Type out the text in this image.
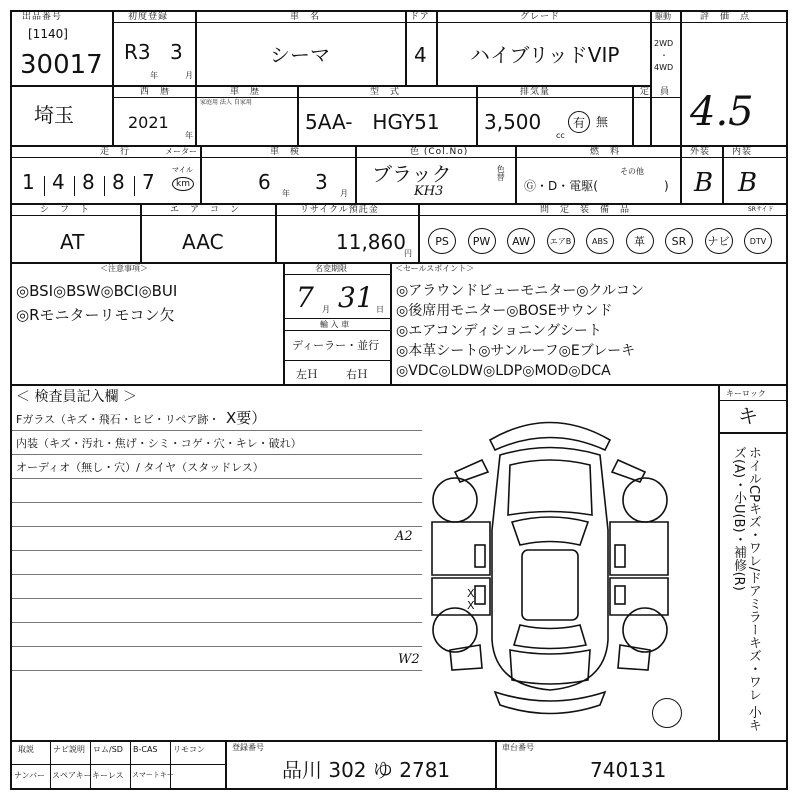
出品番号
[1140]
30017
初度登録
R3 3
年	月
車　名
シーマ
ドア
4
グレード
ハイブリッドVIP
駆動
2WD
・
4WD
評　価　点
4.5
埼玉
西　暦
2021
年
車　歴
家庭用 法人 自家用
型　式
5AA-　HGY51
排気量
3,500
cc
有 無
定　員
走　行	メーター
1 4 8 8 7 マイル
km
車　検
6 年 3 月
色 (Col.No)
ブラック
KH3
色替
燃　料
Ⓖ・D・電駆(
その他
)
外装
B
内装
B
シ　フ　ト
AT
エ　ア　コ　ン
AAC
リサイクル預託金
11,860
円
問　定　装　備　品	SRサイド
PS	PW	AW	エアB	ABS	革	SR	ナビ	DTV
＜注意事項＞
◎BSI◎BSW◎BCI◎BUI
◎Rモニターリモコン欠
名変期限
7 月 31 日
輸 入 車
ディーラー・並行
左Ｈ	右Ｈ
＜セールスポイント＞
◎アラウンドビューモニター◎クルコン
◎後席用モニター◎BOSEサウンド
◎エアコンディショニングシート
◎本革シート◎サンルーフ◎Eブレーキ
◎VDC◎LDW◎LDP◎MOD◎DCA
＜ 検査員記入欄 ＞
Fガラス（キズ・飛石・ヒビ・リペア跡・ X要）
内装（キズ・汚れ・焦げ・シミ・コゲ・穴・キレ・破れ）
オーディオ（無し・穴）/ タイヤ（スタッドレス）
キーロック
キ
ホイルCPキズ・ワレ/ドアミラーキズ・ワレ 小キズ(A)・小U(B)・補修(R)
A2
W2
X
X
取説 ナビ説明 ロム/SD B-CAS リモコン
ナンバー スペアキー キーレス スマートキー
登録番号
品川 302 ゆ 2781
車台番号
740131
